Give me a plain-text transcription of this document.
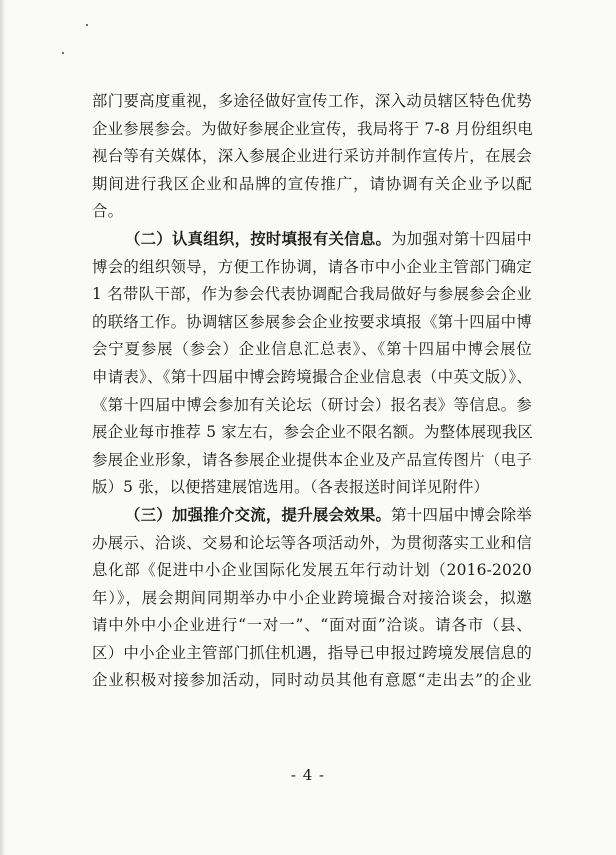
部门要高度重视，多途径做好宣传工作，深入动员辖区特色优势
企业参展参会。为做好参展企业宣传，我局将于 7-8 月份组织电
视台等有关媒体，深入参展企业进行采访并制作宣传片，在展会
期间进行我区企业和品牌的宣传推广，请协调有关企业予以配
合。
（二）认真组织，按时填报有关信息。为加强对第十四届中
博会的组织领导，方便工作协调，请各市中小企业主管部门确定
1 名带队干部，作为参会代表协调配合我局做好与参展参会企业
的联络工作。协调辖区参展参会企业按要求填报《第十四届中博
会宁夏参展（参会）企业信息汇总表》、《第十四届中博会展位
申请表》、《第十四届中博会跨境撮合企业信息表（中英文版）》、
《第十四届中博会参加有关论坛（研讨会）报名表》等信息。参
展企业每市推荐 5 家左右，参会企业不限名额。为整体展现我区
参展企业形象，请各参展企业提供本企业及产品宣传图片（电子
版）5 张，以便搭建展馆选用。（各表报送时间详见附件）
（三）加强推介交流，提升展会效果。第十四届中博会除举
办展示、洽谈、交易和论坛等各项活动外，为贯彻落实工业和信
息化部《促进中小企业国际化发展五年行动计划（2016-2020
年）》，展会期间同期举办中小企业跨境撮合对接洽谈会，拟邀
请中外中小企业进行“一对一”、“面对面”洽谈。请各市（县、
区）中小企业主管部门抓住机遇，指导已申报过跨境发展信息的
企业积极对接参加活动，同时动员其他有意愿“走出去”的企业
- 4 -
